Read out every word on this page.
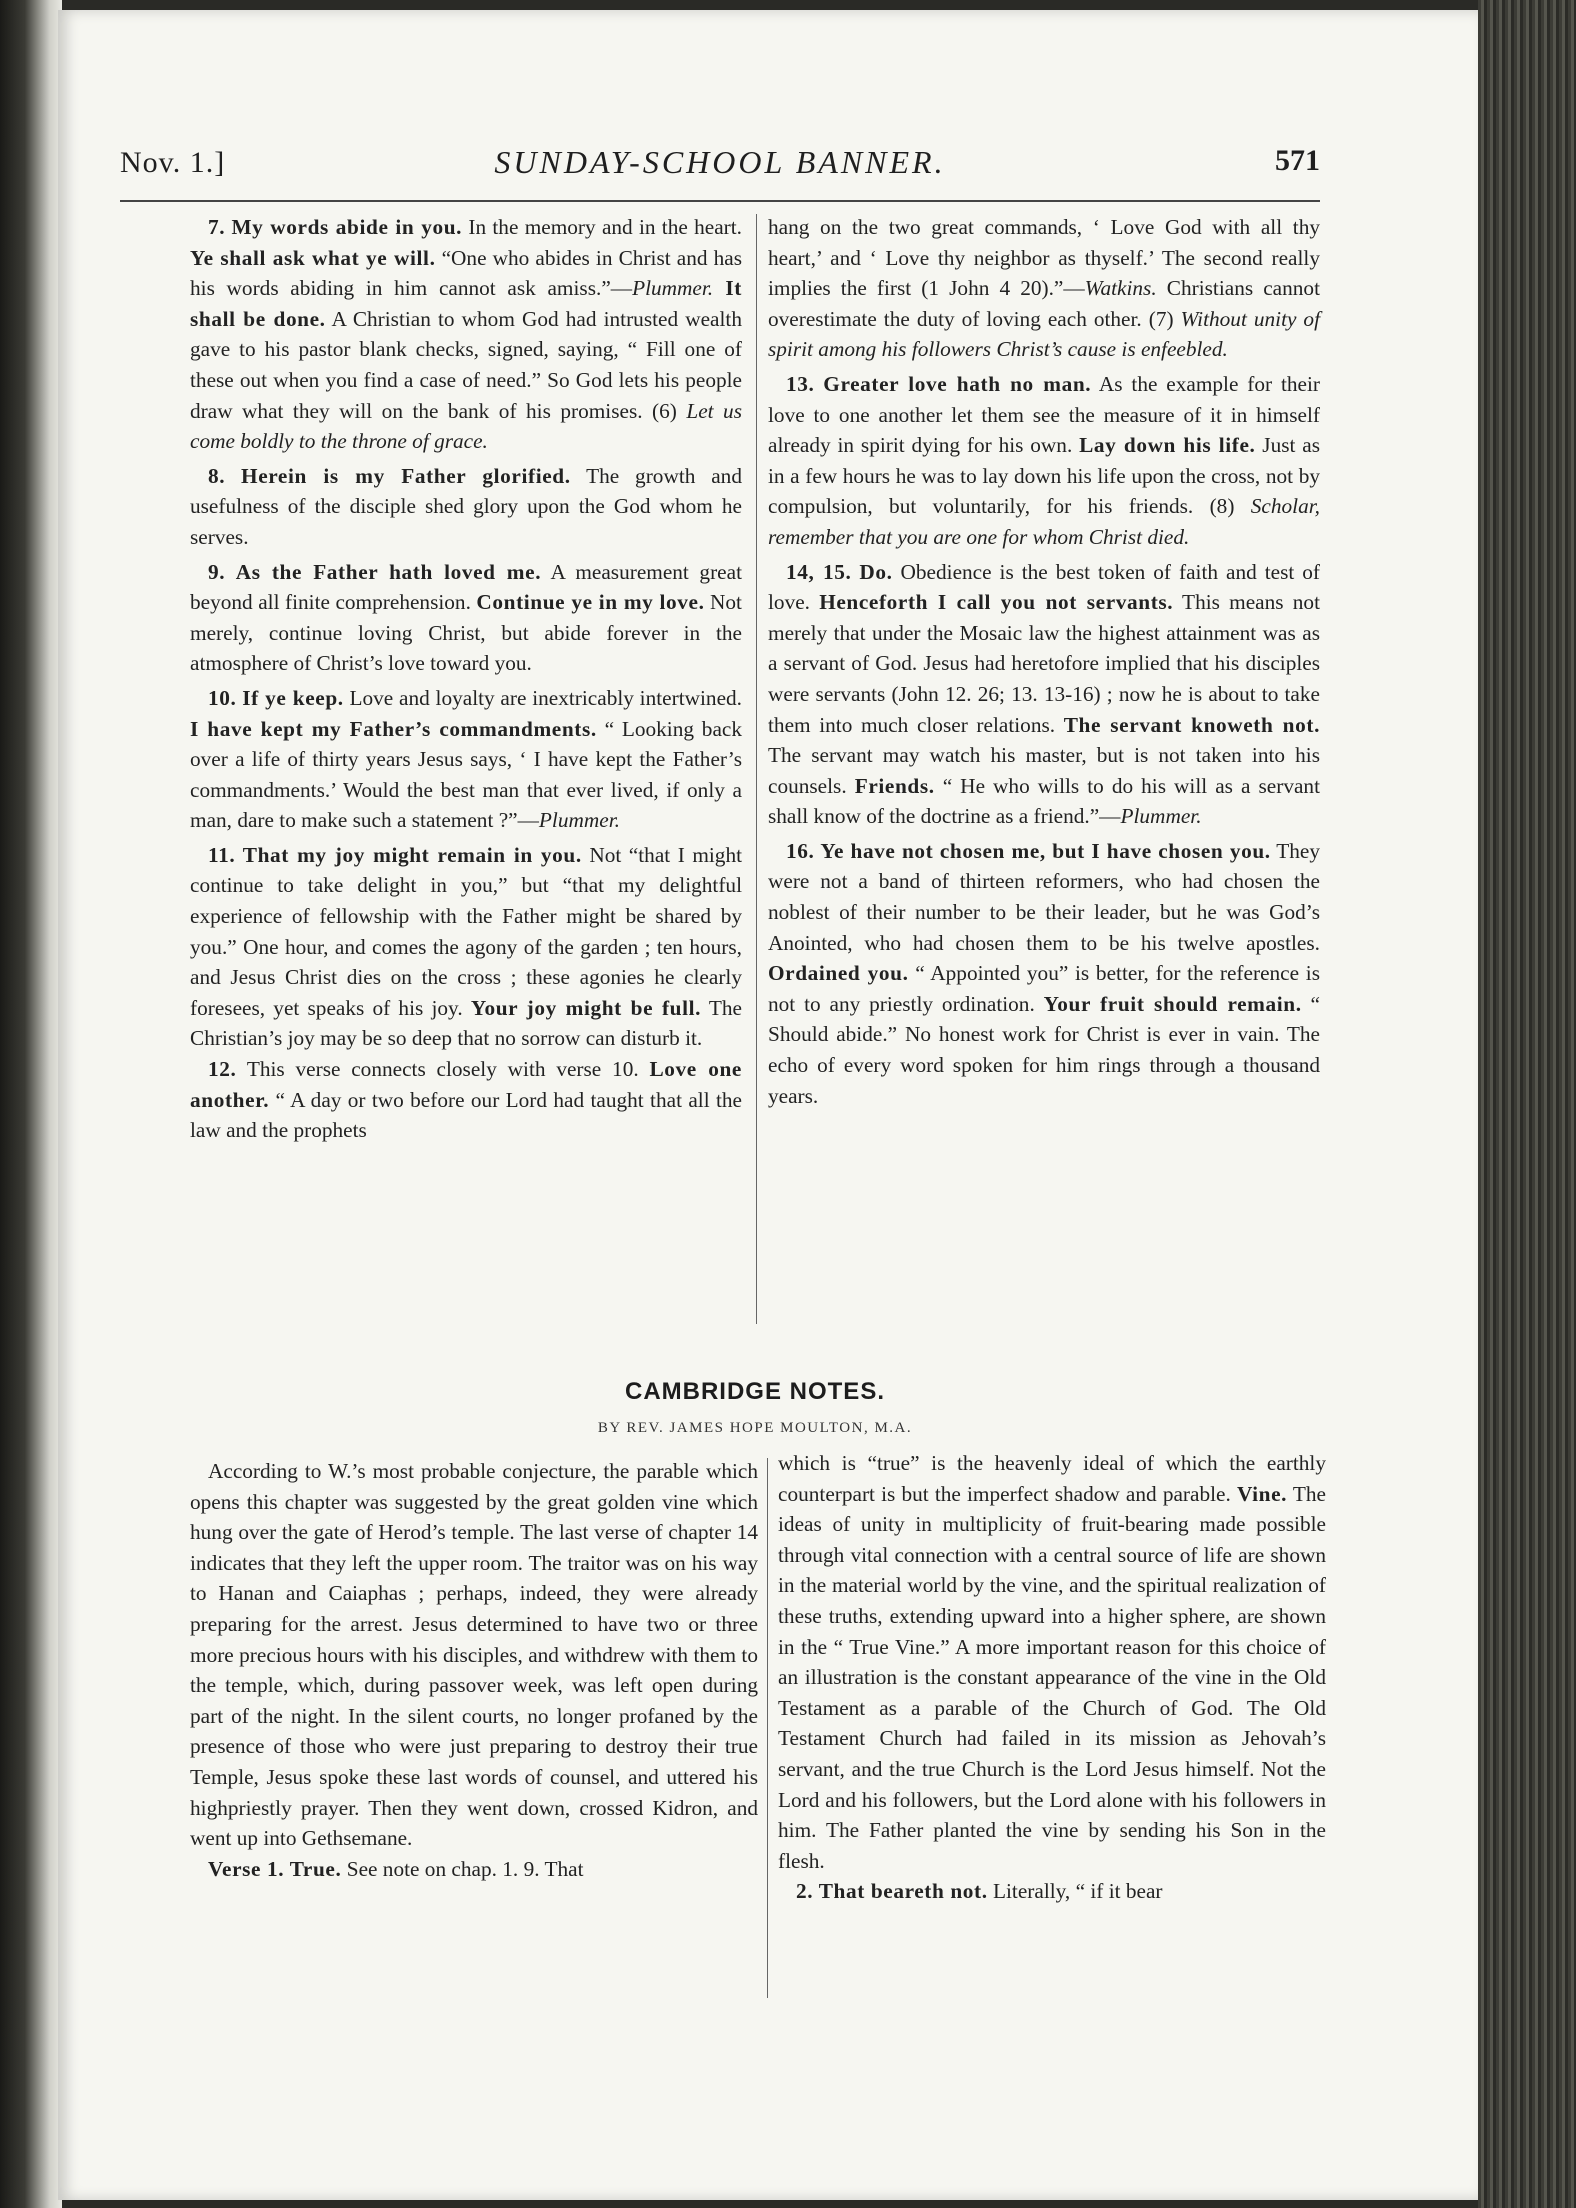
Nov. 1.]	SUNDAY-SCHOOL BANNER.	571

7. My words abide in you. In the memory and in the heart. Ye shall ask what ye will. “One who abides in Christ and has his words abiding in him cannot ask amiss.”—Plummer. It shall be done. A Christian to whom God had intrusted wealth gave to his pastor blank checks, signed, saying, “ Fill one of these out when you find a case of need.” So God lets his people draw what they will on the bank of his promises. (6) Let us come boldly to the throne of grace.

8. Herein is my Father glorified. The growth and usefulness of the disciple shed glory upon the God whom he serves.

9. As the Father hath loved me. A measurement great beyond all finite comprehension. Continue ye in my love. Not merely, continue loving Christ, but abide forever in the atmosphere of Christ’s love toward you.

10. If ye keep. Love and loyalty are inextricably intertwined. I have kept my Father’s commandments. “ Looking back over a life of thirty years Jesus says, ‘ I have kept the Father’s commandments.’ Would the best man that ever lived, if only a man, dare to make such a statement ?”—Plummer.

11. That my joy might remain in you. Not “that I might continue to take delight in you,” but “that my delightful experience of fellowship with the Father might be shared by you.” One hour, and comes the agony of the garden ; ten hours, and Jesus Christ dies on the cross ; these agonies he clearly foresees, yet speaks of his joy. Your joy might be full. The Christian’s joy may be so deep that no sorrow can disturb it.

12. This verse connects closely with verse 10. Love one another. “ A day or two before our Lord had taught that all the law and the prophets

hang on the two great commands, ‘ Love God with all thy heart,’ and ‘ Love thy neighbor as thyself.’ The second really implies the first (1 John 4 20).”—Watkins. Christians cannot overestimate the duty of loving each other. (7) Without unity of spirit among his followers Christ’s cause is enfeebled.

13. Greater love hath no man. As the example for their love to one another let them see the measure of it in himself already in spirit dying for his own. Lay down his life. Just as in a few hours he was to lay down his life upon the cross, not by compulsion, but voluntarily, for his friends. (8) Scholar, remember that you are one for whom Christ died.

14, 15. Do. Obedience is the best token of faith and test of love. Henceforth I call you not servants. This means not merely that under the Mosaic law the highest attainment was as a servant of God. Jesus had heretofore implied that his disciples were servants (John 12. 26; 13. 13-16) ; now he is about to take them into much closer relations. The servant knoweth not. The servant may watch his master, but is not taken into his counsels. Friends. “ He who wills to do his will as a servant shall know of the doctrine as a friend.”—Plummer.

16. Ye have not chosen me, but I have chosen you. They were not a band of thirteen reformers, who had chosen the noblest of their number to be their leader, but he was God’s Anointed, who had chosen them to be his twelve apostles. Ordained you. “ Appointed you” is better, for the reference is not to any priestly ordination. Your fruit should remain. “ Should abide.” No honest work for Christ is ever in vain. The echo of every word spoken for him rings through a thousand years.

CAMBRIDGE NOTES.
BY REV. JAMES HOPE MOULTON, M.A.

According to W.’s most probable conjecture, the parable which opens this chapter was suggested by the great golden vine which hung over the gate of Herod’s temple. The last verse of chapter 14 indicates that they left the upper room. The traitor was on his way to Hanan and Caiaphas ; perhaps, indeed, they were already preparing for the arrest. Jesus determined to have two or three more precious hours with his disciples, and withdrew with them to the temple, which, during passover week, was left open during part of the night. In the silent courts, no longer profaned by the presence of those who were just preparing to destroy their true Temple, Jesus spoke these last words of counsel, and uttered his highpriestly prayer. Then they went down, crossed Kidron, and went up into Gethsemane.

Verse 1. True. See note on chap. 1. 9. That

which is “true” is the heavenly ideal of which the earthly counterpart is but the imperfect shadow and parable. Vine. The ideas of unity in multiplicity of fruit-bearing made possible through vital connection with a central source of life are shown in the material world by the vine, and the spiritual realization of these truths, extending upward into a higher sphere, are shown in the “ True Vine.” A more important reason for this choice of an illustration is the constant appearance of the vine in the Old Testament as a parable of the Church of God. The Old Testament Church had failed in its mission as Jehovah’s servant, and the true Church is the Lord Jesus himself. Not the Lord and his followers, but the Lord alone with his followers in him. The Father planted the vine by sending his Son in the flesh.

2. That beareth not. Literally, “ if it bear
